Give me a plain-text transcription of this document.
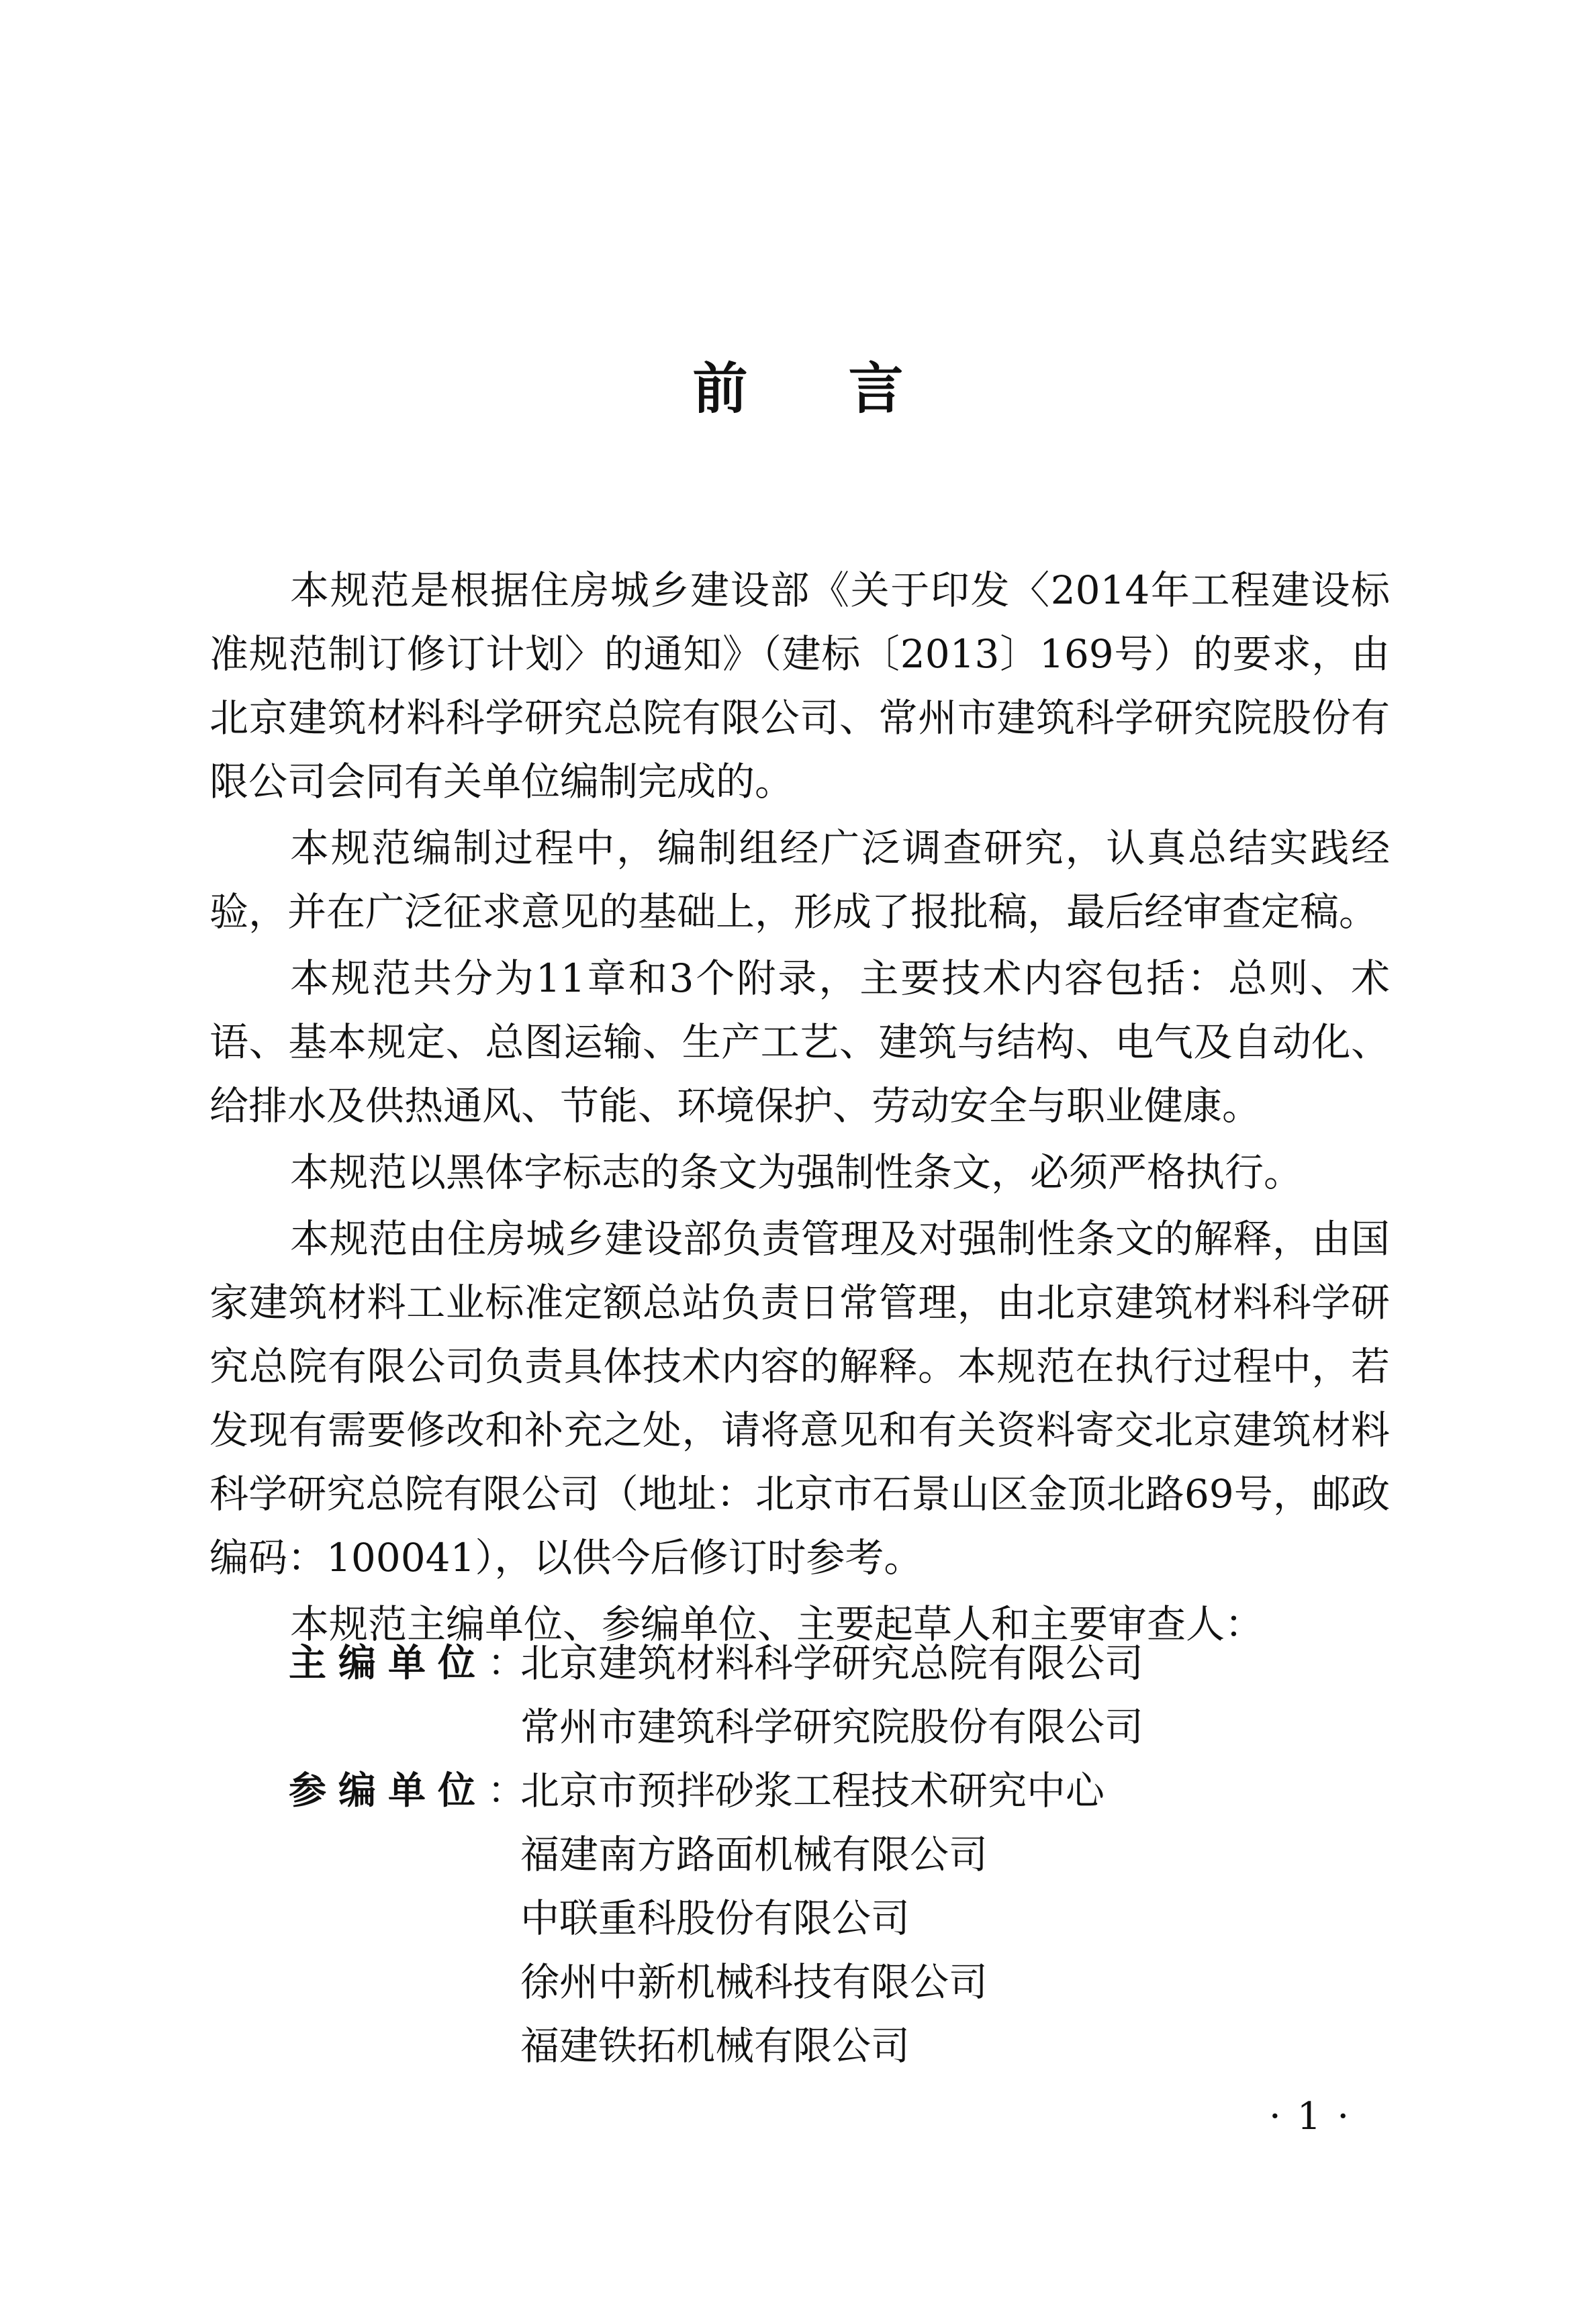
前言

本规范是根据住房城乡建设部《关于印发〈2014年工程建设标准规范制订修订计划〉的通知》（建标〔2013〕169号）的要求，由北京建筑材料科学研究总院有限公司、常州市建筑科学研究院股份有限公司会同有关单位编制完成的。

本规范编制过程中，编制组经广泛调查研究，认真总结实践经验，并在广泛征求意见的基础上，形成了报批稿，最后经审查定稿。

本规范共分为11章和3个附录，主要技术内容包括：总则、术语、基本规定、总图运输、生产工艺、建筑与结构、电气及自动化、给排水及供热通风、节能、环境保护、劳动安全与职业健康。

本规范以黑体字标志的条文为强制性条文，必须严格执行。

本规范由住房城乡建设部负责管理及对强制性条文的解释，由国家建筑材料工业标准定额总站负责日常管理，由北京建筑材料科学研究总院有限公司负责具体技术内容的解释。本规范在执行过程中，若发现有需要修改和补充之处，请将意见和有关资料寄交北京建筑材料科学研究总院有限公司（地址：北京市石景山区金顶北路69号，邮政编码：100041），以供今后修订时参考。

本规范主编单位、参编单位、主要起草人和主要审查人：

主编单位：
北京建筑材料科学研究总院有限公司
常州市建筑科学研究院股份有限公司
参编单位：
北京市预拌砂浆工程技术研究中心
福建南方路面机械有限公司
中联重科股份有限公司
徐州中新机械科技有限公司
福建铁拓机械有限公司
·1·
